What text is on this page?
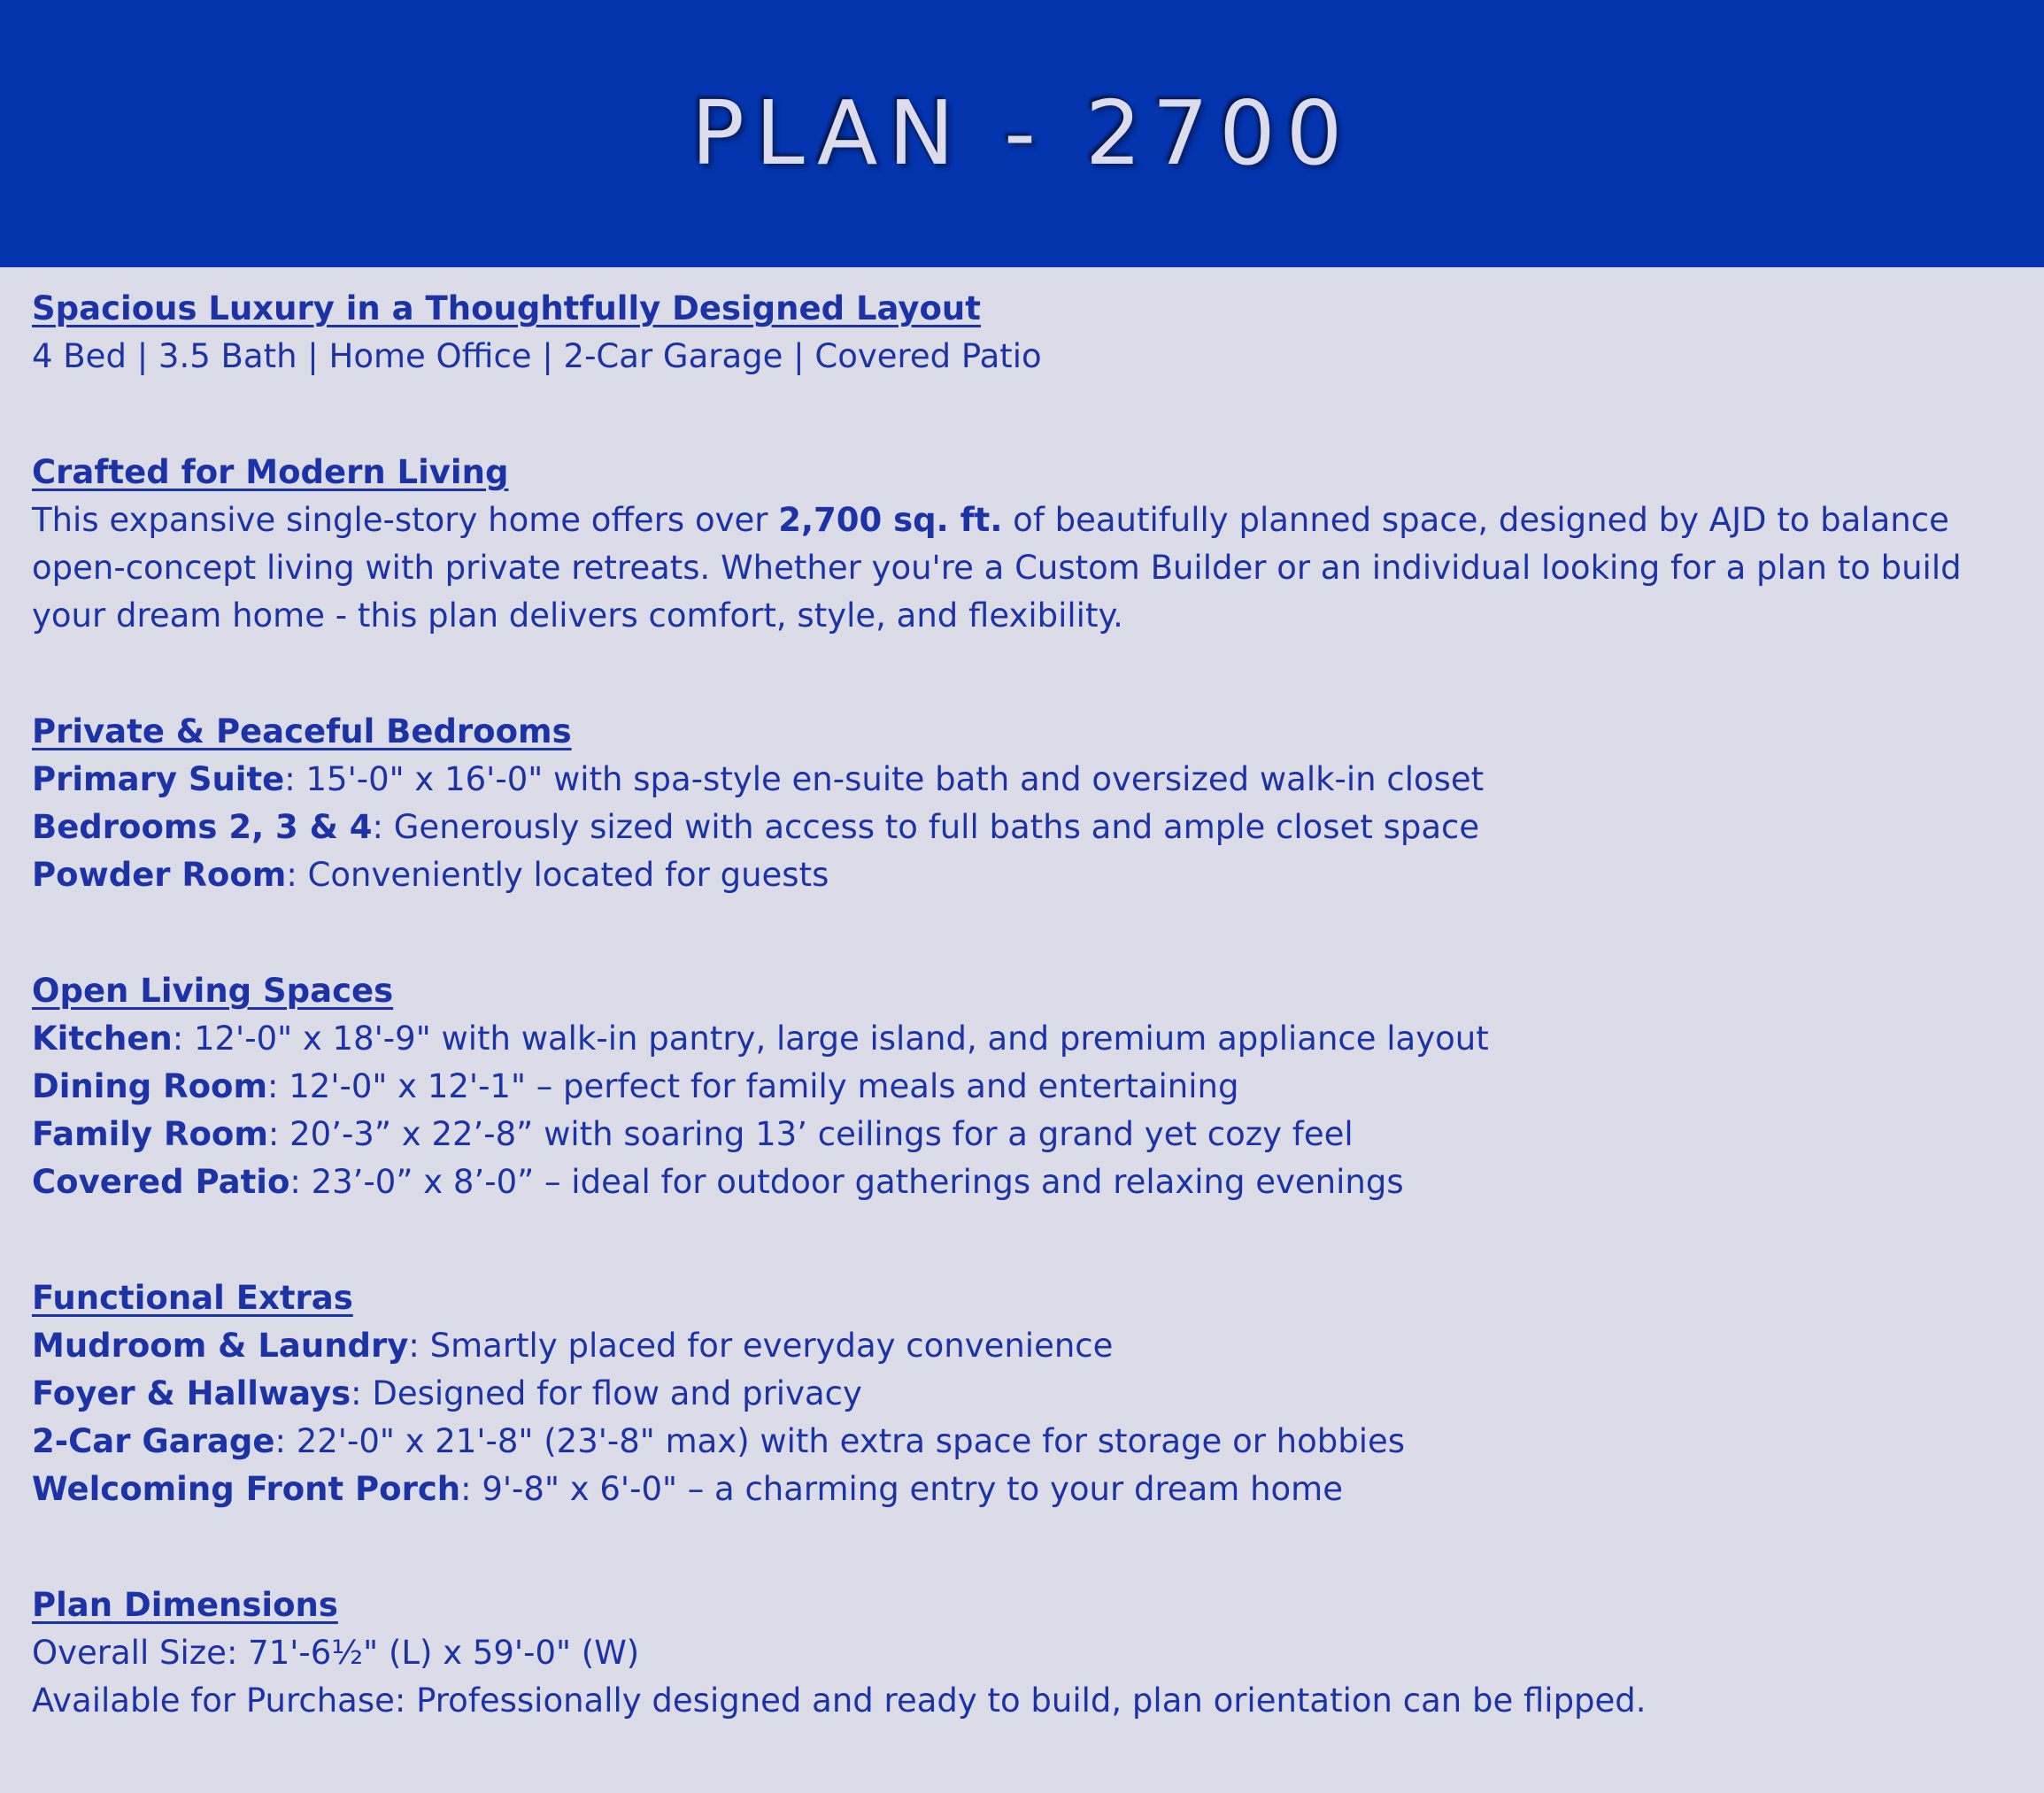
PLAN - 2700

Spacious Luxury in a Thoughtfully Designed Layout

4 Bed | 3.5 Bath | Home Office | 2-Car Garage | Covered Patio

Crafted for Modern Living

This expansive single-story home offers over 2,700 sq. ft. of beautifully planned space, designed by AJD to balance open-concept living with private retreats. Whether you're a Custom Builder or an individual looking for a plan to build your dream home - this plan delivers comfort, style, and flexibility.

Private & Peaceful Bedrooms

Primary Suite: 15'-0" x 16'-0" with spa-style en-suite bath and oversized walk-in closet

Bedrooms 2, 3 & 4: Generously sized with access to full baths and ample closet space

Powder Room: Conveniently located for guests

Open Living Spaces

Kitchen: 12'-0" x 18'-9" with walk-in pantry, large island, and premium appliance layout

Dining Room: 12'-0" x 12'-1" – perfect for family meals and entertaining

Family Room: 20’-3” x 22’-8” with soaring 13’ ceilings for a grand yet cozy feel

Covered Patio: 23’-0” x 8’-0” – ideal for outdoor gatherings and relaxing evenings

Functional Extras

Mudroom & Laundry: Smartly placed for everyday convenience

Foyer & Hallways: Designed for flow and privacy

2-Car Garage: 22'-0" x 21'-8" (23'-8" max) with extra space for storage or hobbies

Welcoming Front Porch: 9'-8" x 6'-0" – a charming entry to your dream home

Plan Dimensions

Overall Size: 71'-6½" (L) x 59'-0" (W)

Available for Purchase: Professionally designed and ready to build, plan orientation can be flipped.
